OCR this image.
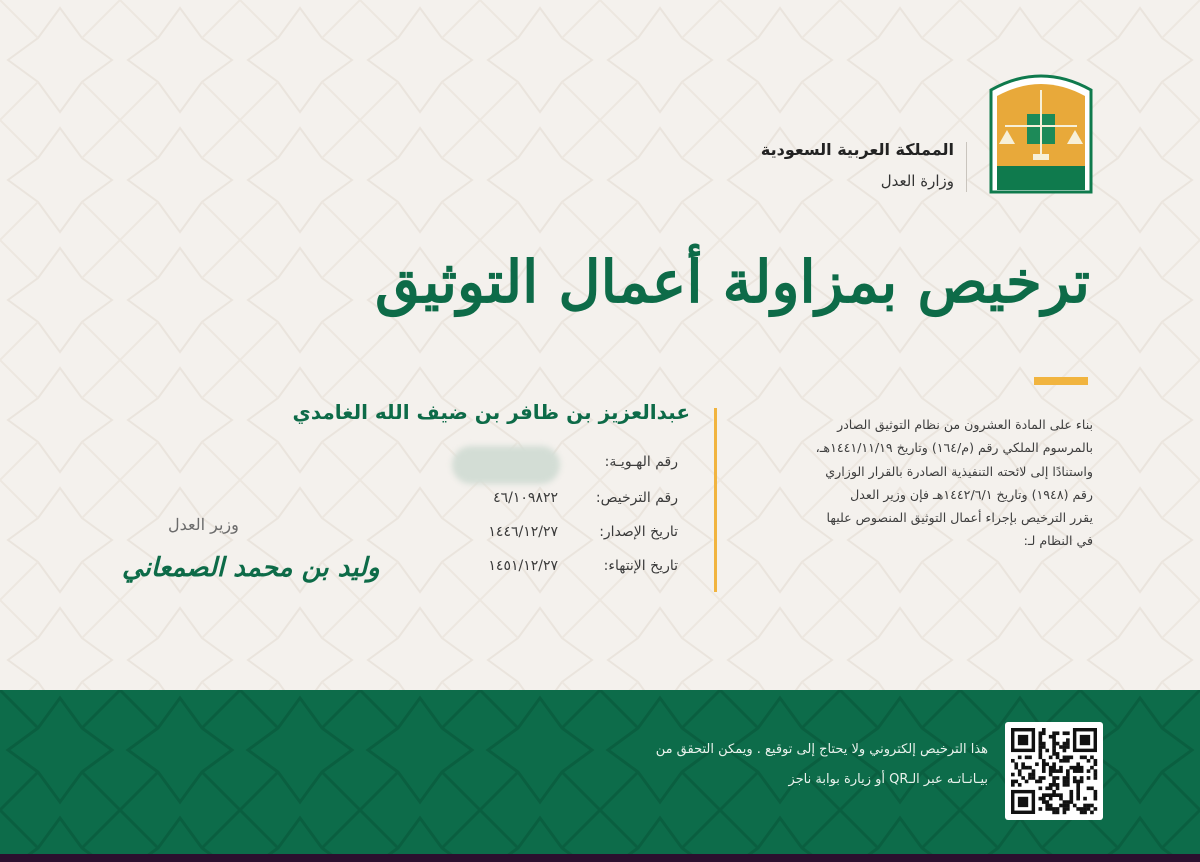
المملكة العربية السعودية
وزارة العدل
ترخيص بمزاولة أعمال التوثيق
بناء على المادة العشرون من نظام التوثيق الصادر
بالمرسوم الملكي رقم (م/١٦٤) وتاريخ ١٤٤١/١١/١٩هـ،
واستنادًا إلى لائحته التنفيذية الصادرة بالقرار الوزاري
رقم (١٩٤٨) وتاريخ ١٤٤٢/٦/١هـ فإن وزير العدل
يقرر الترخيص بإجراء أعمال التوثيق المنصوص عليها
في النظام لـ:
عبدالعزيز بن ظافر بن ضيف الله الغامدي
رقم الهـويـة:
رقم الترخيص:
٤٦/١٠٩٨٢٢
تاريخ الإصدار:
١٤٤٦/١٢/٢٧
تاريخ الإنتهاء:
١٤٥١/١٢/٢٧
وزير العدل
وليد بن محمد الصمعاني
هذا الترخيص إلكتروني ولا يحتاج إلى توقيع . ويمكن التحقق من
بيـانـاتـه عبر الـQR أو زيارة بوابة ناجز
